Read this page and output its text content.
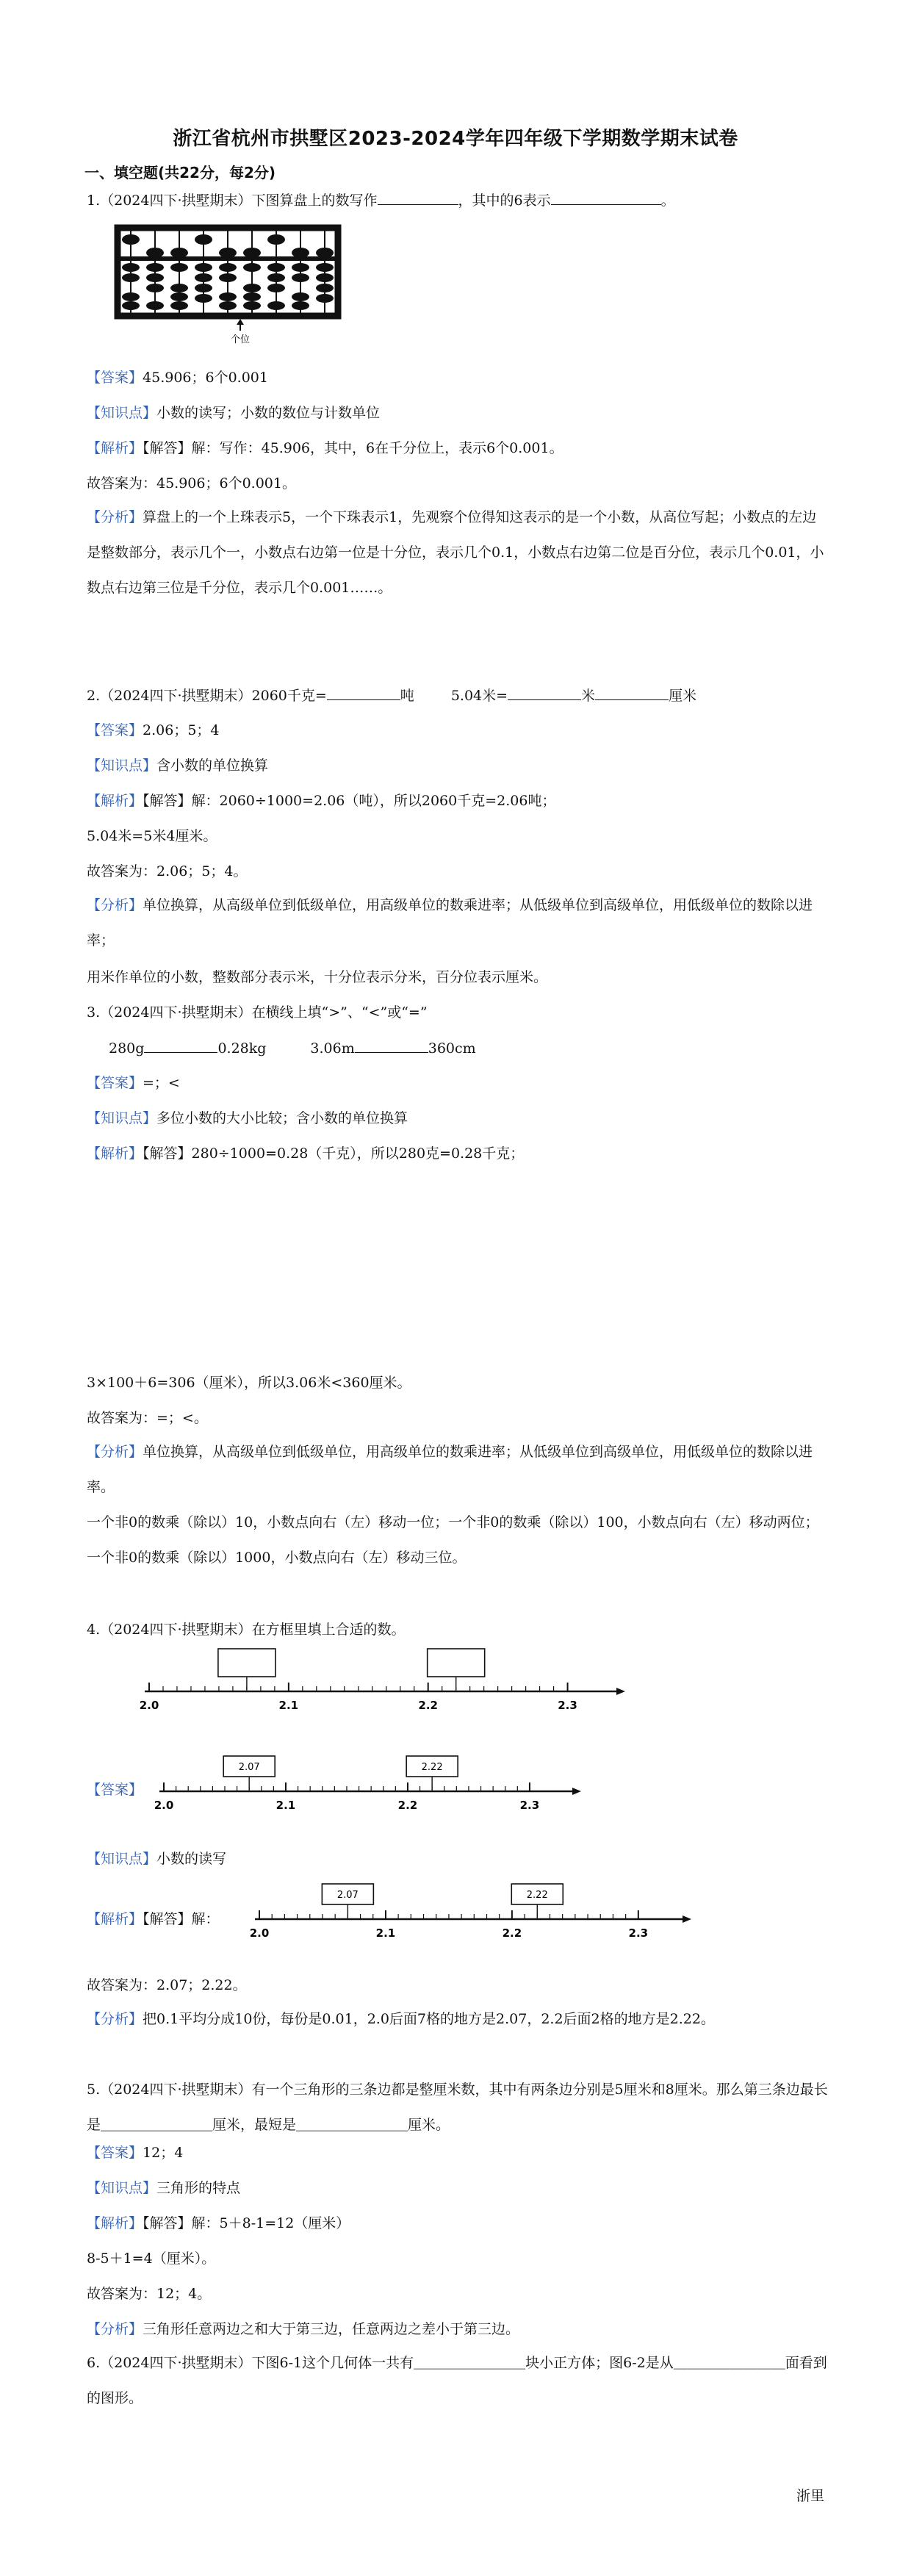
浙江省杭州市拱墅区2023-2024学年四年级下学期数学期末试卷
一、填空题(共22分，每2分)
1.（2024四下·拱墅期末）下图算盘上的数写作	，其中的6表示	。
个位
【答案】45.906；6个0.001
【知识点】小数的读写；小数的数位与计数单位
【解析】【解答】解：写作：45.906，其中，6在千分位上，表示6个0.001。
故答案为：45.906；6个0.001。
【分析】算盘上的一个上珠表示5，一个下珠表示1，先观察个位得知这表示的是一个小数，从高位写起；小数点的左边是整数部分，表示几个一，小数点右边第一位是十分位，表示几个0.1，小数点右边第二位是百分位，表示几个0.01，小数点右边第三位是千分位，表示几个0.001……。
2.（2024四下·拱墅期末）2060千克=	吨	5.04米=	米	厘米
【答案】2.06；5；4
【知识点】含小数的单位换算
【解析】【解答】解：2060÷1000=2.06（吨），所以2060千克=2.06吨；
5.04米=5米4厘米。
故答案为：2.06；5；4。
【分析】单位换算，从高级单位到低级单位，用高级单位的数乘进率；从低级单位到高级单位，用低级单位的数除以进率；
用米作单位的小数，整数部分表示米，十分位表示分米，百分位表示厘米。
3.（2024四下·拱墅期末）在横线上填“>”、“<”或“=”
280g	0.28kg	3.06m	360cm
【答案】=；<
【知识点】多位小数的大小比较；含小数的单位换算
【解析】【解答】280÷1000=0.28（千克），所以280克=0.28千克；
3×100＋6=306（厘米），所以3.06米<360厘米。
故答案为：=；<。
【分析】单位换算，从高级单位到低级单位，用高级单位的数乘进率；从低级单位到高级单位，用低级单位的数除以进率。
一个非0的数乘（除以）10，小数点向右（左）移动一位；一个非0的数乘（除以）100，小数点向右（左）移动两位；一个非0的数乘（除以）1000，小数点向右（左）移动三位。
4.（2024四下·拱墅期末）在方框里填上合适的数。
2.0	2.1	2.2	2.3
【答案】
2.0	2.1	2.2	2.3
2.07	2.22
【知识点】小数的读写
【解析】【解答】解：
2.0	2.1	2.2	2.3
2.07	2.22
故答案为：2.07；2.22。
【分析】把0.1平均分成10份，每份是0.01，2.0后面7格的地方是2.07，2.2后面2格的地方是2.22。
5.（2024四下·拱墅期末）有一个三角形的三条边都是整厘米数，其中有两条边分别是5厘米和8厘米。那么第三条边最长是＿＿＿＿＿＿＿＿厘米，最短是＿＿＿＿＿＿＿＿厘米。
【答案】12；4
【知识点】三角形的特点
【解析】【解答】解：5＋8-1=12（厘米）
8-5＋1=4（厘米）。
故答案为：12；4。
【分析】三角形任意两边之和大于第三边，任意两边之差小于第三边。
6.（2024四下·拱墅期末）下图6-1这个几何体一共有＿＿＿＿＿＿＿＿块小正方体；图6-2是从＿＿＿＿＿＿＿＿面看到的图形。
浙里
